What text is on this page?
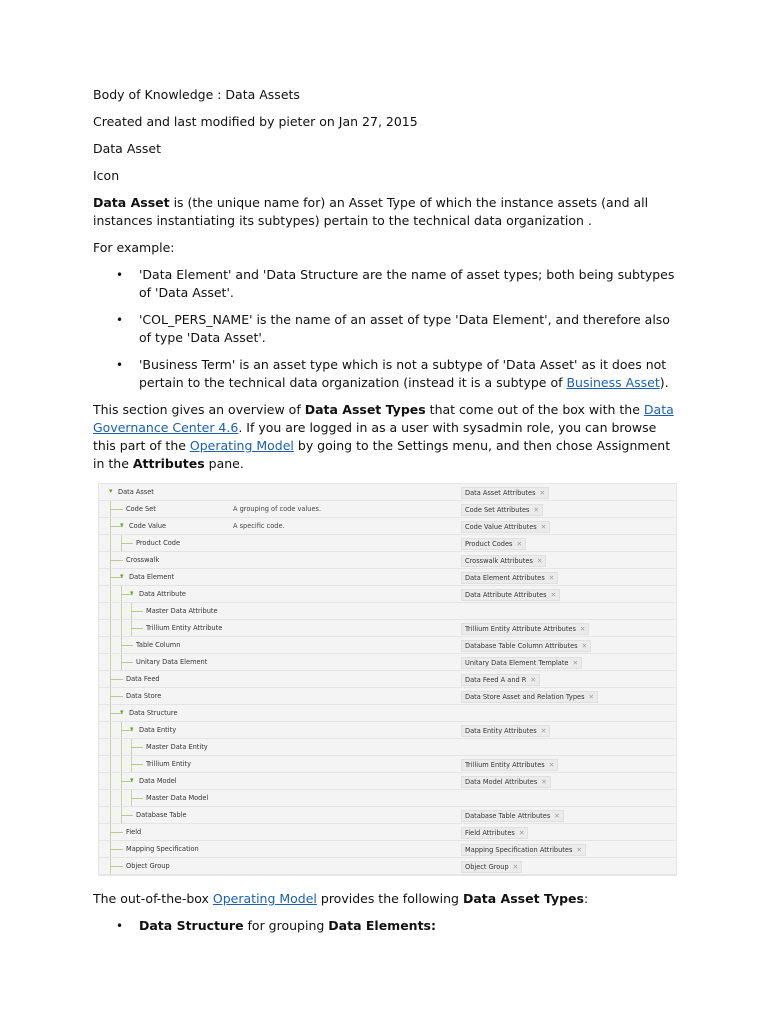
Body of Knowledge : Data Assets

Created and last modified by pieter on Jan 27, 2015

Data Asset

Icon

Data Asset is (the unique name for) an Asset Type of which the instance assets (and all instances instantiating its subtypes) pertain to the technical data organization .

For example:

• 'Data Element' and 'Data Structure are the name of asset types; both being subtypes of 'Data Asset'.
• 'COL_PERS_NAME' is the name of an asset of type 'Data Element', and therefore also of type 'Data Asset'.
• 'Business Term' is an asset type which is not a subtype of 'Data Asset' as it does not pertain to the technical data organization (instead it is a subtype of Business Asset).

This section gives an overview of Data Asset Types that come out of the box with the Data Governance Center 4.6. If you are logged in as a user with sysadmin role, you can browse this part of the Operating Model by going to the Settings menu, and then chose Assignment in the Attributes pane.

▾ Data Asset	Data Asset Attributes ✕
Code Set	A grouping of code values.	Code Set Attributes ✕
▾ Code Value	A specific code.	Code Value Attributes ✕
Product Code	Product Codes ✕
Crosswalk	Crosswalk Attributes ✕
▾ Data Element	Data Element Attributes ✕
▾ Data Attribute	Data Attribute Attributes ✕
Master Data Attribute
Trillium Entity Attribute	Trillium Entity Attribute Attributes ✕
Table Column	Database Table Column Attributes ✕
Unitary Data Element	Unitary Data Element Template ✕
Data Feed	Data Feed A and R ✕
Data Store	Data Store Asset and Relation Types ✕
▾ Data Structure
▾ Data Entity	Data Entity Attributes ✕
Master Data Entity
Trillium Entity	Trillium Entity Attributes ✕
▾ Data Model	Data Model Attributes ✕
Master Data Model
Database Table	Database Table Attributes ✕
Field	Field Attributes ✕
Mapping Specification	Mapping Specification Attributes ✕
Object Group	Object Group ✕

The out-of-the-box Operating Model provides the following Data Asset Types:

• Data Structure for grouping Data Elements:
